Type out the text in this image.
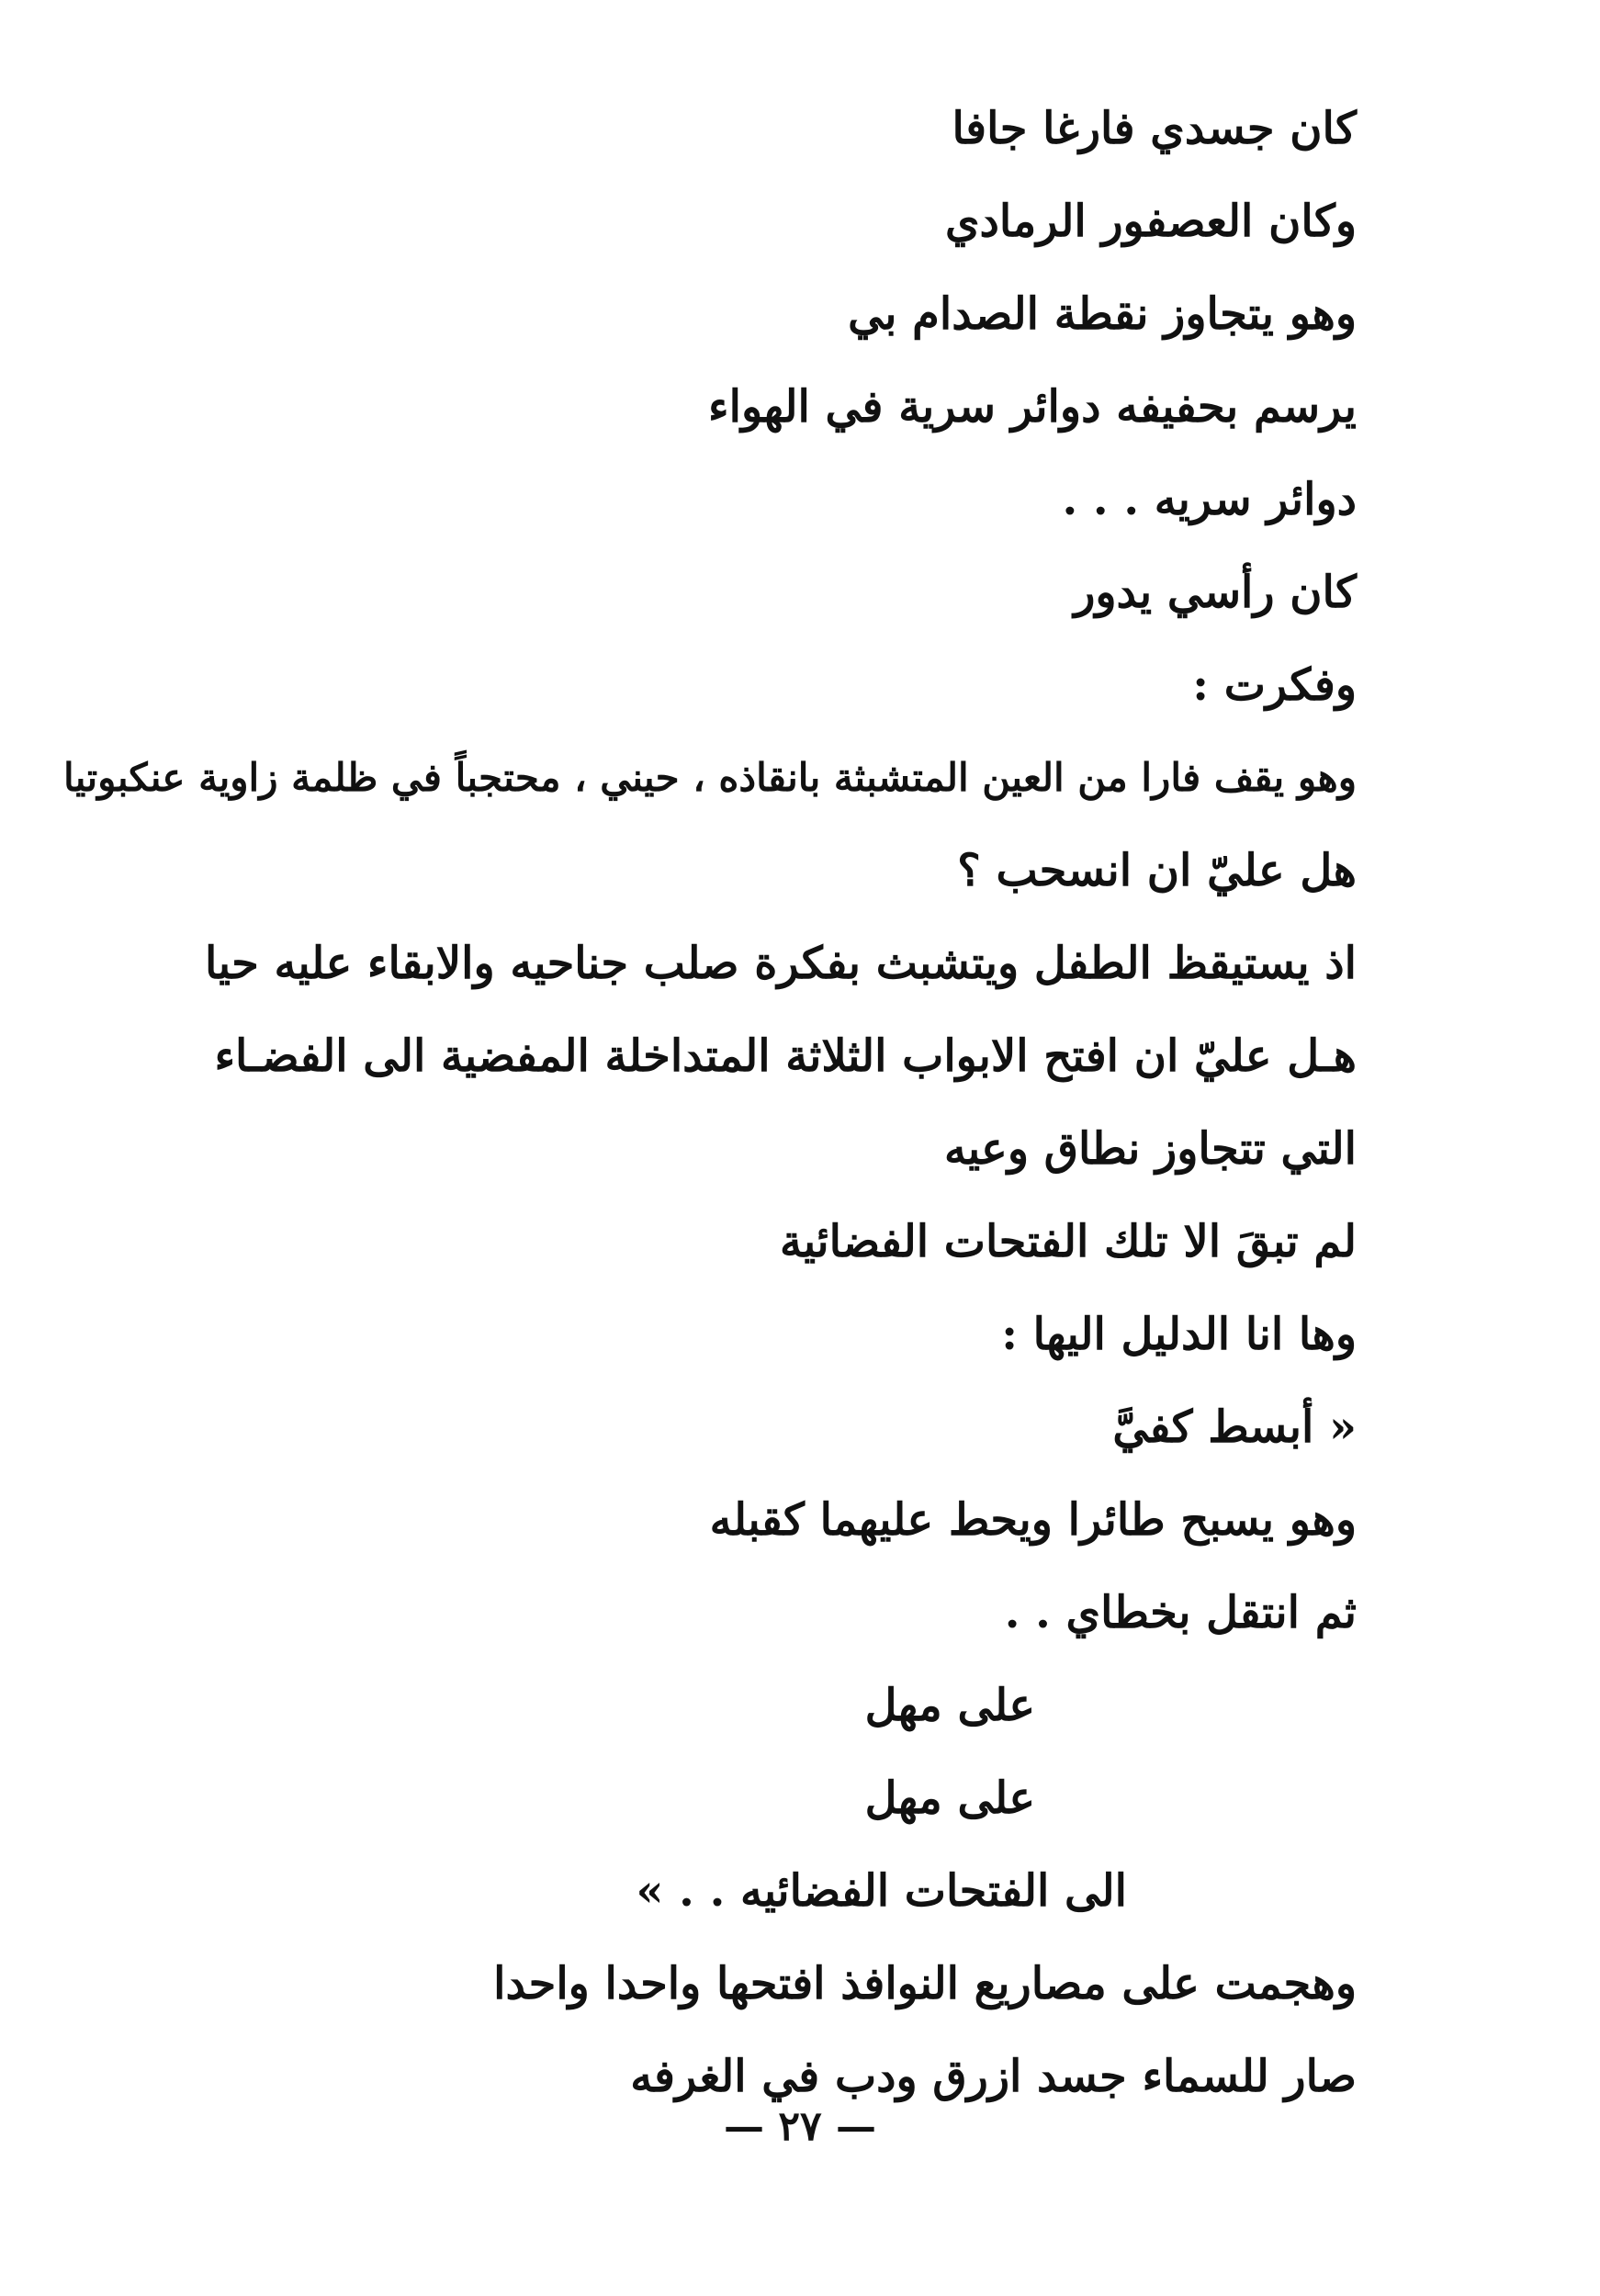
كان جسدي فارغا جافا
وكان العصفور الرمادي
وهو يتجاوز نقطة الصدام بي
يرسم بحفيفه دوائر سرية في الهواء
دوائر سريه . . .
كان رأسي يدور
وفكرت :
وهو يقف فارا من العين المتشبثة بانقاذه ، حيني ، محتجباً في ظلمة زاوية عنكبوتيا
هل عليّ ان انسحب ؟
اذ يستيقظ الطفل ويتشبث بفكرة صلب جناحيه والابقاء عليه حيا
هـل عليّ ان افتح الابواب الثلاثة المتداخلة المفضية الى الفضـاء
التي تتجاوز نطاق وعيه
لم تبقَ الا تلك الفتحات الفضائية
وها انا الدليل اليها :
« أبسط كفيَّ
وهو يسبح طائرا ويحط عليهما كقبله
ثم انتقل بخطاي . .
على مهل
على مهل
الى الفتحات الفضائيه . . »
وهجمت على مصاريع النوافذ افتحها واحدا واحدا
صار للسماء جسد ازرق ودب في الغرفه
— ٢٧ —
